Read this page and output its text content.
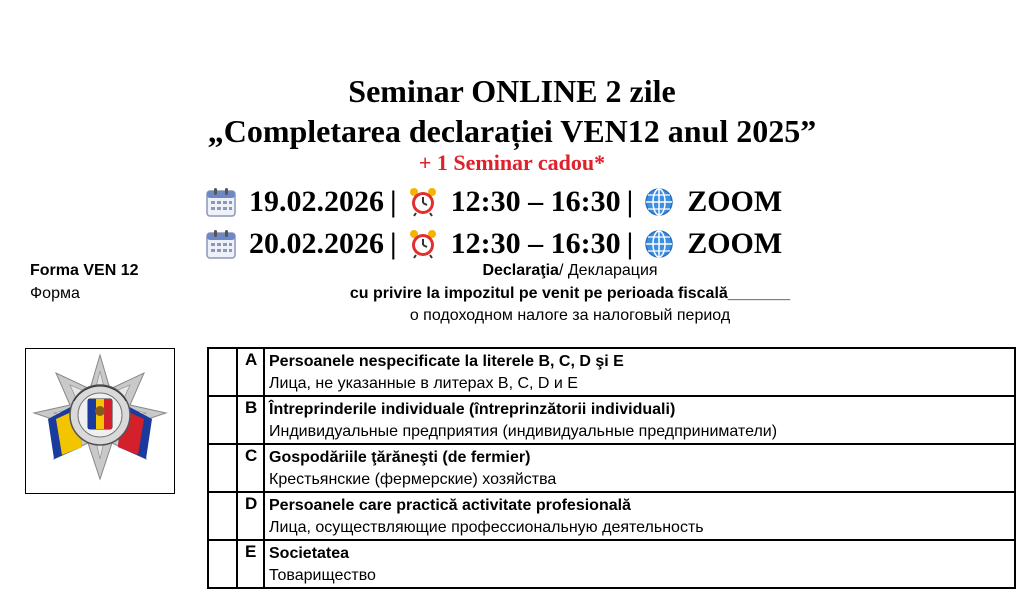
Seminar ONLINE 2 zile
„Completarea declarației VEN12 anul 2025”
+ 1 Seminar cadou*
19.02.2026 | 12:30 – 16:30 | ZOOM
20.02.2026 | 12:30 – 16:30 | ZOOM
Forma VEN 12
Форма
Declaraţia/ Декларация
cu privire la impozitul pe venit pe perioada fiscală_______
о подоходном налоге за налоговый период
	A	Persoanele nespecificate la literele B, C, D şi E
Лица, не указанные в литерах B, C, D и E

	B	Întreprinderile individuale (întreprinzătorii individuali)
Индивидуальные предприятия (индивидуальные предприниматели)

	C	Gospodăriile ţărăneşti (de fermier)
Крестьянские (фермерские) хозяйства

	D	Persoanele care practică activitate profesională
Лица, осуществляющие профессиональную деятельность

	E	Societatea
Товарищество
